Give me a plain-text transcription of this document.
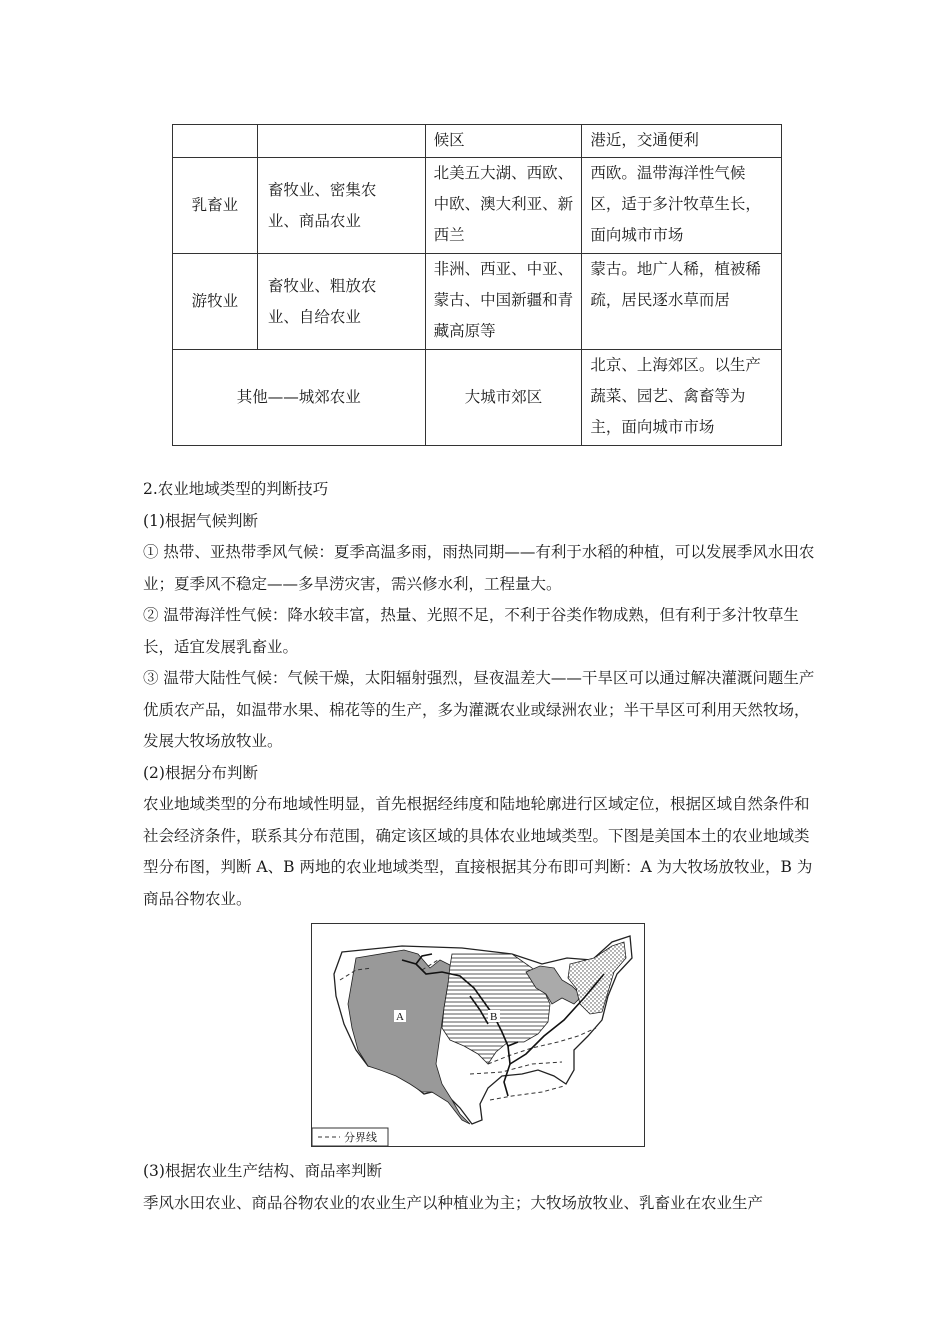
		候区	港近，交通便利
乳畜业	畜牧业、密集农业、商品农业	北美五大湖、西欧、中欧、澳大利亚、新西兰	西欧。温带海洋性气候区，适于多汁牧草生长，面向城市市场
游牧业	畜牧业、粗放农业、自给农业	非洲、西亚、中亚、蒙古、中国新疆和青藏高原等	蒙古。地广人稀，植被稀疏，居民逐水草而居
其他——城郊农业		大城市郊区	北京、上海郊区。以生产蔬菜、园艺、禽畜等为主，面向城市市场

2.农业地域类型的判断技巧

(1)根据气候判断

① 热带、亚热带季风气候：夏季高温多雨，雨热同期——有利于水稻的种植，可以发展季风水田农业；夏季风不稳定——多旱涝灾害，需兴修水利，工程量大。

② 温带海洋性气候：降水较丰富，热量、光照不足，不利于谷类作物成熟，但有利于多汁牧草生长，适宜发展乳畜业。

③ 温带大陆性气候：气候干燥，太阳辐射强烈，昼夜温差大——干旱区可以通过解决灌溉问题生产优质农产品，如温带水果、棉花等的生产，多为灌溉农业或绿洲农业；半干旱区可利用天然牧场，发展大牧场放牧业。

(2)根据分布判断

农业地域类型的分布地域性明显，首先根据经纬度和陆地轮廓进行区域定位，根据区域自然条件和社会经济条件，联系其分布范围，确定该区域的具体农业地域类型。下图是美国本土的农业地域类型分布图，判断 A、B 两地的农业地域类型，直接根据其分布即可判断：A 为大牧场放牧业，B 为商品谷物农业。

A	B
分界线

(3)根据农业生产结构、商品率判断

季风水田农业、商品谷物农业的农业生产以种植业为主；大牧场放牧业、乳畜业在农业生产
